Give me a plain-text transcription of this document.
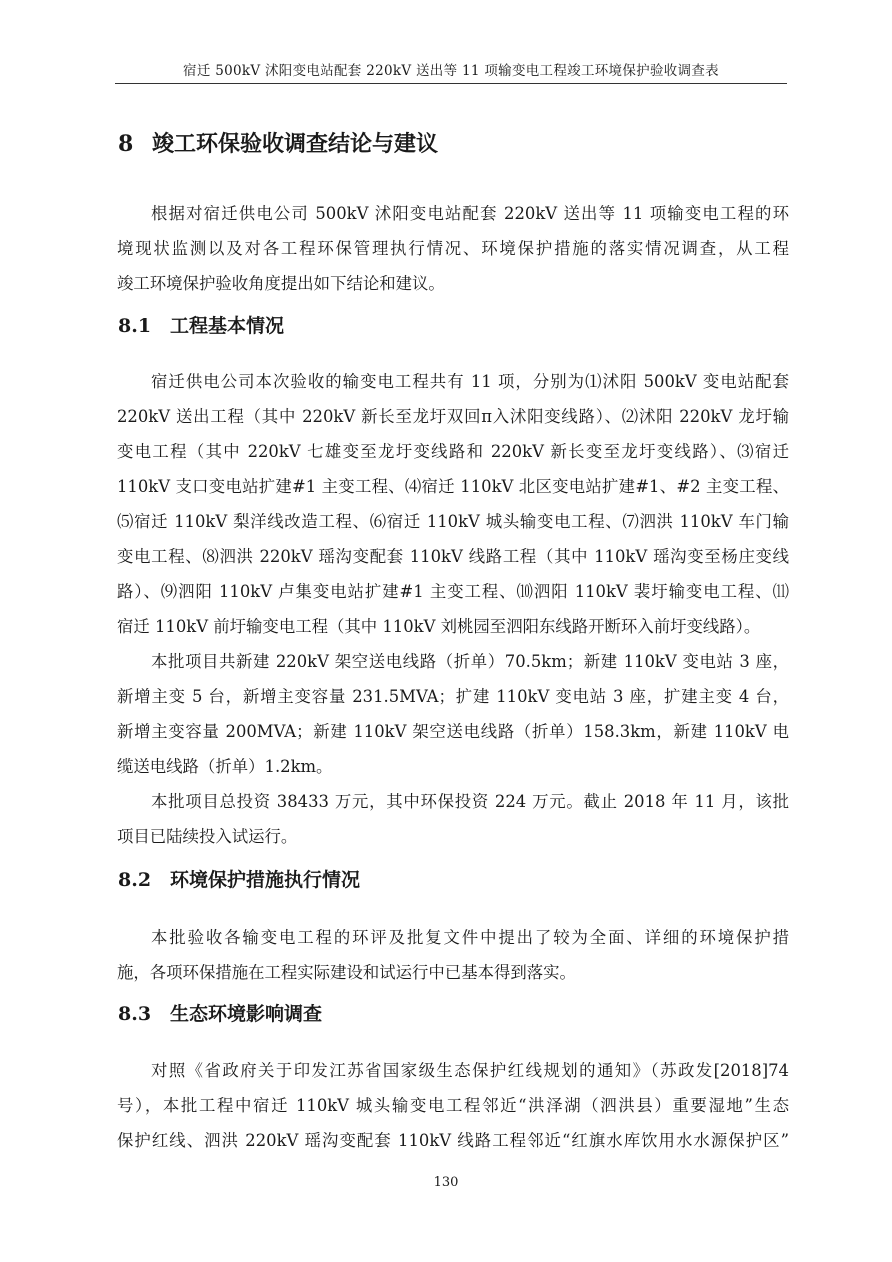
宿迁 500kV 沭阳变电站配套 220kV 送出等 11 项输变电工程竣工环境保护验收调查表
8 竣工环保验收调查结论与建议

根据对宿迁供电公司 500kV 沭阳变电站配套 220kV 送出等 11 项输变电工程的环
境现状监测以及对各工程环保管理执行情况、环境保护措施的落实情况调查，从工程
竣工环境保护验收角度提出如下结论和建议。

8.1 工程基本情况

宿迁供电公司本次验收的输变电工程共有 11 项，分别为⑴沭阳 500kV 变电站配套
220kV 送出工程（其中 220kV 新长至龙圩双回π入沭阳变线路）、⑵沭阳 220kV 龙圩输
变电工程（其中 220kV 七雄变至龙圩变线路和 220kV 新长变至龙圩变线路）、⑶宿迁
110kV 支口变电站扩建#1 主变工程、⑷宿迁 110kV 北区变电站扩建#1、#2 主变工程、
⑸宿迁 110kV 梨洋线改造工程、⑹宿迁 110kV 城头输变电工程、⑺泗洪 110kV 车门输
变电工程、⑻泗洪 220kV 瑶沟变配套 110kV 线路工程（其中 110kV 瑶沟变至杨庄变线
路）、⑼泗阳 110kV 卢集变电站扩建#1 主变工程、⑽泗阳 110kV 裴圩输变电工程、⑾
宿迁 110kV 前圩输变电工程（其中 110kV 刘桃园至泗阳东线路开断环入前圩变线路）。

本批项目共新建 220kV 架空送电线路（折单）70.5km；新建 110kV 变电站 3 座，
新增主变 5 台，新增主变容量 231.5MVA；扩建 110kV 变电站 3 座，扩建主变 4 台，
新增主变容量 200MVA；新建 110kV 架空送电线路（折单）158.3km，新建 110kV 电
缆送电线路（折单）1.2km。

本批项目总投资 38433 万元，其中环保投资 224 万元。截止 2018 年 11 月，该批
项目已陆续投入试运行。

8.2 环境保护措施执行情况

本批验收各输变电工程的环评及批复文件中提出了较为全面、详细的环境保护措
施，各项环保措施在工程实际建设和试运行中已基本得到落实。

8.3 生态环境影响调查

对照《省政府关于印发江苏省国家级生态保护红线规划的通知》（苏政发[2018]74
号），本批工程中宿迁 110kV 城头输变电工程邻近“洪泽湖（泗洪县）重要湿地”生态
保护红线、泗洪 220kV 瑶沟变配套 110kV 线路工程邻近“红旗水库饮用水水源保护区”

130
